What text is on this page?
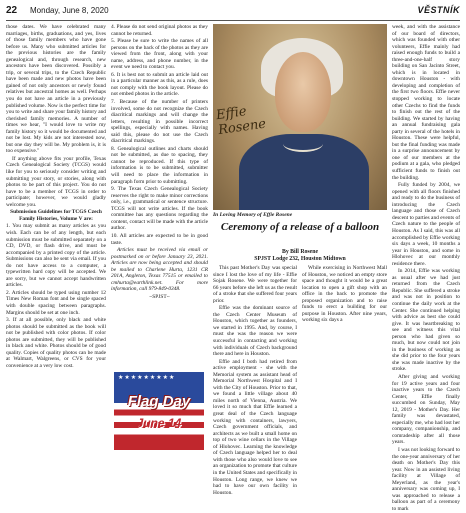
22 Monday, June 8, 2020	VĚSTNÍK

those dates. We have celebrated many marriages, births, graduations, and yes, lives of those family members who have gone before us. Many who submitted articles for the previous histories are the family genealogical and, through research, new ancestors have been discovered. Possibly a trip, or several trips, to the Czech Republic have been made and new photos have been gained of not only ancestors or newly found relatives but ancestral homes as well. Perhaps you do not have an article in a previously published volume. Now is the perfect time for you to write and share your family history and cherished family memories. A number of times we hear, "I would love to write my family history so it would be documented and not be lost. My kids are not interested now, but one day they will be. My problem is, it is too expensive."

If anything above fits your profile, Texas Czech Genealogical Society (TCGS) would like for you to seriously consider writing and submitting your story, or stories, along with photos to be part of this project. You do not have to be a member of TCGS in order to participate; however, we would gladly welcome you.

Submission Guidelines for TCGS Czech Family Histories, Volume V are:

1. You may submit as many articles as you wish. Each can be of any length, but each submission must be submitted separately on a CD, DVD, or flash drive, and must be accompanied by a printed copy of the article. Submissions can also be sent via email. If you do not have access to a computer, a typewritten hard copy will be accepted. We are sorry, but we cannot accept handwritten articles.

2. Articles should be typed using number 12 Times New Roman font and be single spaced with double spacing between paragraphs. Margins should be set at one inch.

3. If at all possible, only black and white photos should be submitted as the book will not be published with color photos. If color photos are submitted, they will be published in black and white. Photos should be of good quality. Copies of quality photos can be made at Walmart, Walgreens, or CVS for your convenience at a very low cost.

4. Please do not send original photos as they cannot be returned.

5. Please be sure to write the names of all persons on the back of the photos as they are viewed from the front, along with your name, address, and phone number, in the event we need to contact you.

6. It is best not to submit an article laid out in a particular manner as this, as a rule, does not comply with the book layout. Please do not embed photos in the article.

7. Because of the number of printers involved, some do not recognize the Czech diacritical markings and will change the letters, resulting in possible incorrect spellings, especially with names. Having said this, please do not use the Czech diacritical markings.

8. Genealogical outlines and charts should not be submitted, as due to spacing, they cannot be reproduced. If this type of information is to be submitted, submitter will need to place the information in paragraph form prior to submitting.

9. The Texas Czech Genealogical Society reserves the right to make minor corrections only, i.e., grammatical or sentence structure. TCGS will not write articles. If the book committee has any questions regarding the content, contact will be made with the article author.

10. All articles are expected to be in good taste.

Articles must be received via email or postmarked on or before January 23, 2021. Articles are now being accepted and should be mailed to Charlene Hurta, 1231 CR 201A, Angleton, Texas 77515 or emailed to cmhurta@earthlink.net. For more information, call 979-849-0348.

~SPJST~

★★★★★★★★★
Flag Day
June 14
Effie Rosene
In Loving Memory of Effie Rosene
Ceremony of a release of a balloon
By Bill Rosene
SPJST Lodge 232, Houston Midtown

This past Mother's Day was special since I lost the love of my life - Effie Sojak Rosene. We were together for 66 years before she left us as the result of a stroke that she suffered four years prior.

Effie was the dominant source of the Czech Center Museum of Houston, which together as founders, we started in 1995. And, by course, I must she was the reason we were successful in contacting and working with individuals of Czech background there and here in Houston.

Effie and I both had retired from active employment - she with the Memorial system as assistant head of Memorial Northwest Hospital and I with the City of Houston. Prior to that, we found a little village about 40 miles north of Vienna, Austria. We loved it so much that Effie learned a great deal of the Czech language working with containers, lawyers, Czech government officials, and architects as we built a small home on top of two wine cellars in the Village of Hlohovec. Learning the knowledge of Czech language helped her to deal with those who also would love to see an organization to promote that culture in the United States and specifically in Houston. Long range, we knew we had to have our own facility in Houston.

While exercising in Northwest Mall of Houston, we noticed an empty store space and thought it would be a great location to open a gift shop with an office in the back to promote the proposed organization and to raise funds to erect a building for our purpose in Houston. After nine years, working six days a

week, and with the assistance of our board of directors, which was founded with other volunteers, Effie mainly had raised enough funds to build a three-and-one-half story building on San Jacinto Street, which is in located in downtown Houston - with developing and completion of the first two floors. Effie never stopped working to locate other Czechs to find the funds to finish out the rest of the building. We started by having an annual fundraising gala party in several of the hotels in Houston. These were helpful, but the final funding was made in a surprise announcement by one of our members at the podium at a gala, who pledged sufficient funds to finish out the building.

Fully funded by 2004, we opened with all floors finished and ready to do the business of introducing the Czech language and those of Czech descent to parties and events of Czech nature to the people of Houston. As I said, this was all accomplished by Effie working six days a week, 10 months a year in Houston, and some in Hlohovec at our monthly residence there.

In 2014, Effie was working as usual after we had just returned from the Czech Republic. She suffered a stroke and was not in position to continue the daily work at the Center. She continued helping with advice as best she could give. It was heartbreaking to see and witness this vital person who had given so much, but now could not join in the business of working as she did prior to the four years she was made inactive by the stroke.

After giving and working for 19 active years and four inactive years to the Czech Center, Effie finally succumbed on Sunday, May 12, 2019 - Mother's Day. Her family was devastated, especially me, who had lost her company, companionship, and comradeship after all those years.

I was not looking forward to the one-year anniversary of her death on Mother's Day this year. Now in an assisted living facility at Village of Meyerland, as the year's anniversary was coming up, I was approached to release a balloon as part of a ceremony to mark
